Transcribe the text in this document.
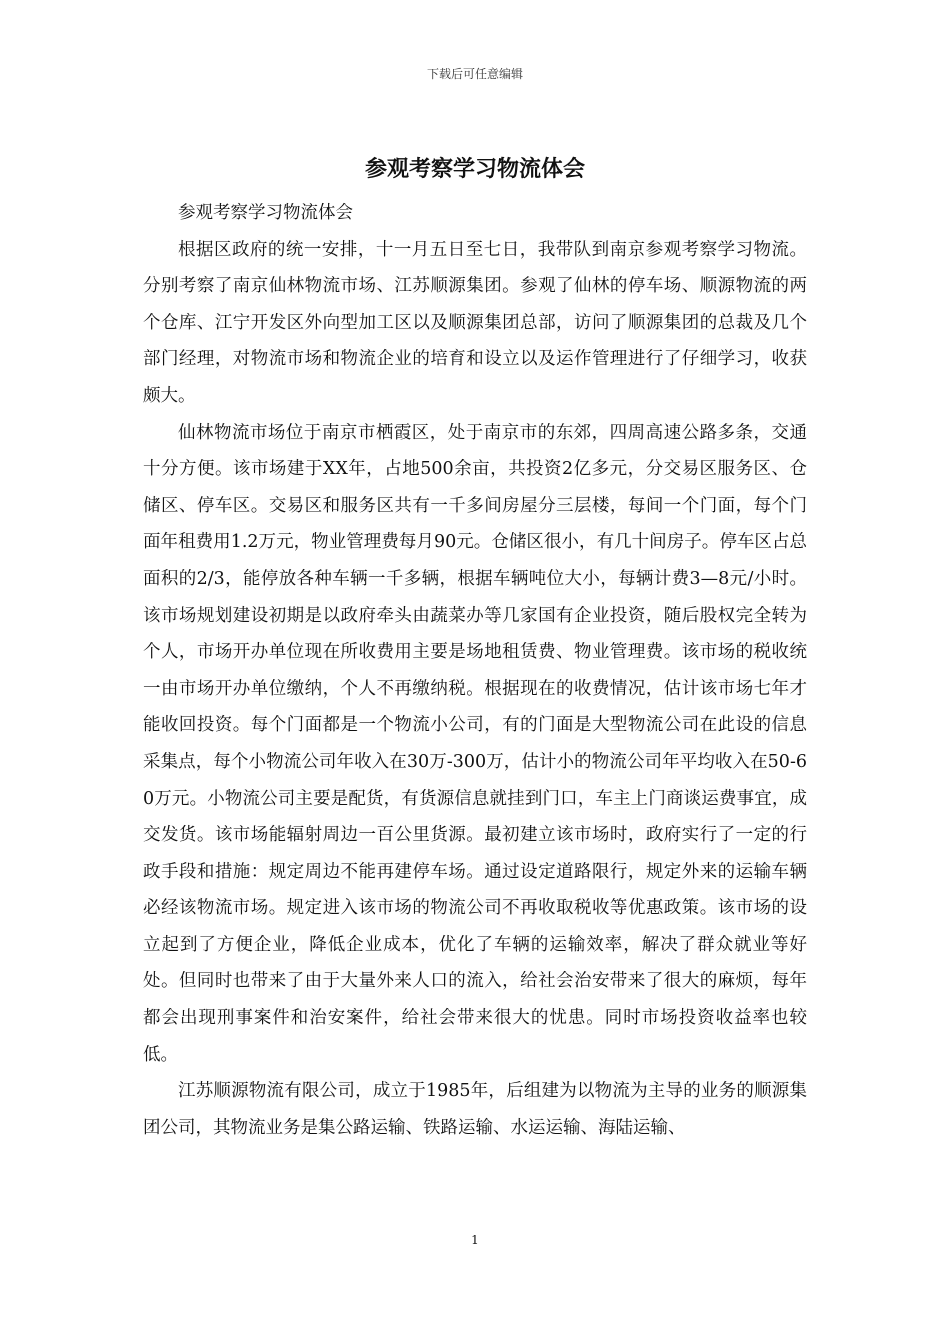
下载后可任意编辑
参观考察学习物流体会

参观考察学习物流体会

根据区政府的统一安排，十一月五日至七日，我带队到南京参观考察学习物流。分别考察了南京仙林物流市场、江苏顺源集团。参观了仙林的停车场、顺源物流的两个仓库、江宁开发区外向型加工区以及顺源集团总部，访问了顺源集团的总裁及几个部门经理，对物流市场和物流企业的培育和设立以及运作管理进行了仔细学习，收获颇大。

仙林物流市场位于南京市栖霞区，处于南京市的东郊，四周高速公路多条，交通十分方便。该市场建于XX年，占地500余亩，共投资2亿多元，分交易区服务区、仓储区、停车区。交易区和服务区共有一千多间房屋分三层楼，每间一个门面，每个门面年租费用1.2万元，物业管理费每月90元。仓储区很小，有几十间房子。停车区占总面积的2/3，能停放各种车辆一千多辆，根据车辆吨位大小，每辆计费3—8元/小时。该市场规划建设初期是以政府牵头由蔬菜办等几家国有企业投资，随后股权完全转为个人，市场开办单位现在所收费用主要是场地租赁费、物业管理费。该市场的税收统一由市场开办单位缴纳，个人不再缴纳税。根据现在的收费情况，估计该市场七年才能收回投资。每个门面都是一个物流小公司，有的门面是大型物流公司在此设的信息采集点，每个小物流公司年收入在30万-300万，估计小的物流公司年平均收入在50-60万元。小物流公司主要是配货，有货源信息就挂到门口，车主上门商谈运费事宜，成交发货。该市场能辐射周边一百公里货源。最初建立该市场时，政府实行了一定的行政手段和措施：规定周边不能再建停车场。通过设定道路限行，规定外来的运输车辆必经该物流市场。规定进入该市场的物流公司不再收取税收等优惠政策。该市场的设立起到了方便企业，降低企业成本，优化了车辆的运输效率，解决了群众就业等好处。但同时也带来了由于大量外来人口的流入，给社会治安带来了很大的麻烦，每年都会出现刑事案件和治安案件，给社会带来很大的忧患。同时市场投资收益率也较低。

江苏顺源物流有限公司，成立于1985年，后组建为以物流为主导的业务的顺源集团公司，其物流业务是集公路运输、铁路运输、水运运输、海陆运输、

1
